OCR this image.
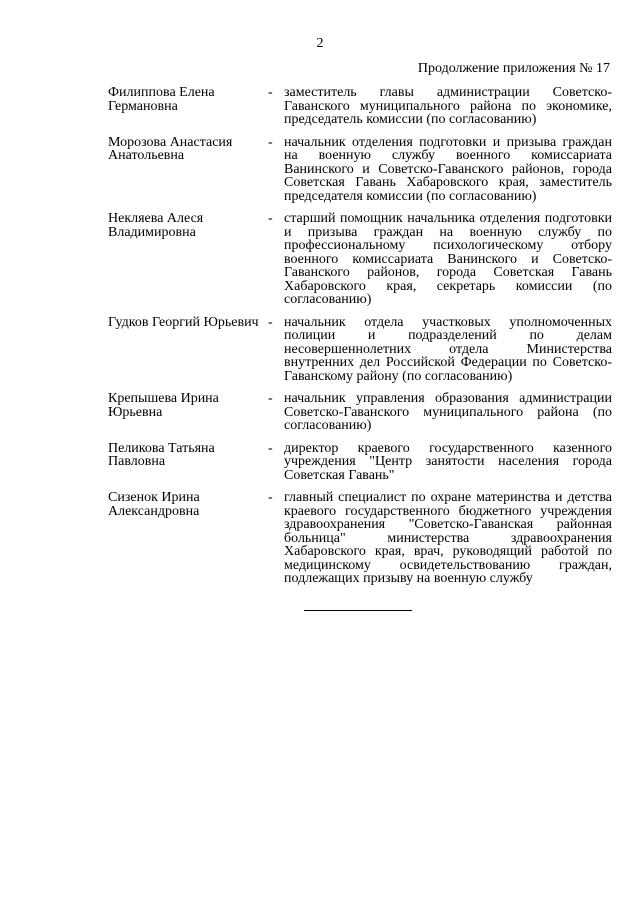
2
Продолжение приложения № 17
Филиппова Елена Германовна
- заместитель главы администрации Советско-Гаванского муниципального района по экономике, председатель комиссии (по согласованию)
Морозова Анастасия Анатольевна
- начальник отделения подготовки и призыва граждан на военную службу военного комиссариата Ванинского и Советско-Гаванского районов, города Советская Гавань Хабаровского края, заместитель председателя комиссии (по согласованию)
Некляева Алеся Владимировна
- старший помощник начальника отделения подготовки и призыва граждан на военную службу по профессиональному психологическому отбору военного комиссариата Ванинского и Советско-Гаванского районов, города Советская Гавань Хабаровского края, секретарь комиссии (по согласованию)
Гудков Георгий Юрьевич - начальник отдела участковых уполномоченных полиции и подразделений по делам несовершеннолетних отдела Министерства внутренних дел Российской Федерации по Советско-Гаванскому району (по согласованию)
Крепышева Ирина Юрьевна
- начальник управления образования администрации Советско-Гаванского муниципального района (по согласованию)
Пеликова Татьяна Павловна
- директор краевого государственного казенного учреждения "Центр занятости населения города Советская Гавань"
Сизенок Ирина Александровна
- главный специалист по охране материнства и детства краевого государственного бюджетного учреждения здравоохранения "Советско-Гаванская районная больница" министерства здравоохранения Хабаровского края, врач, руководящий работой по медицинскому освидетельствованию граждан, подлежащих призыву на военную службу
